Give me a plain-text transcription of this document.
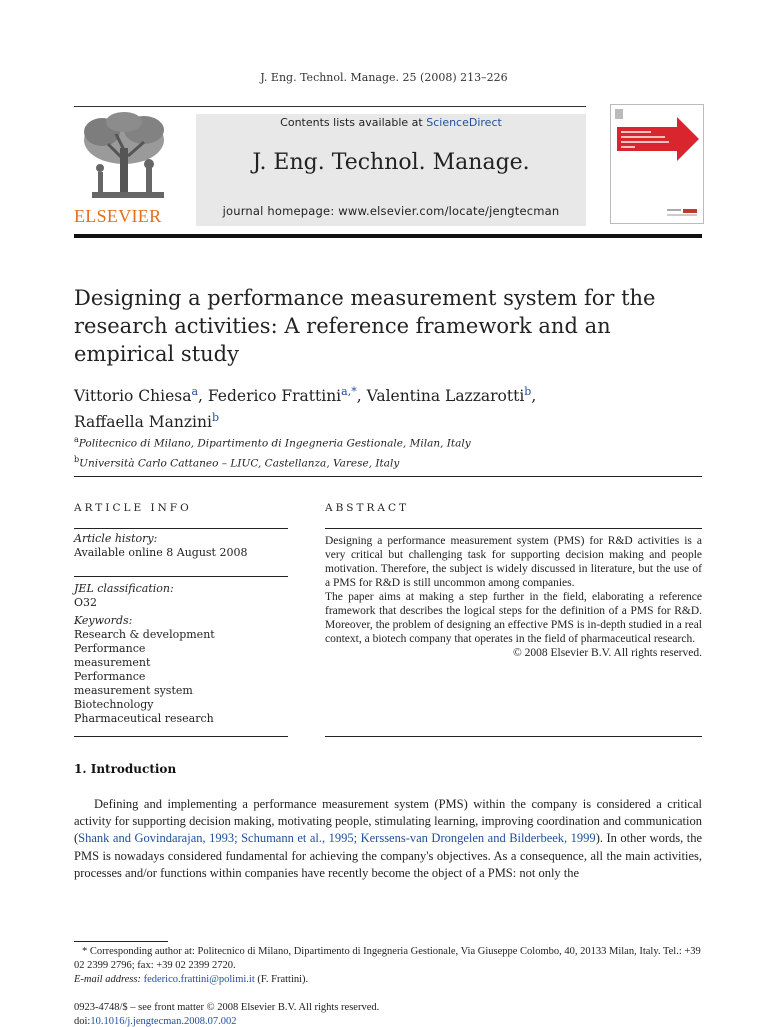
J. Eng. Technol. Manage. 25 (2008) 213–226
ELSEVIER
Contents lists available at ScienceDirect
J. Eng. Technol. Manage.
journal homepage: www.elsevier.com/locate/jengtecman
Designing a performance measurement system for the research activities: A reference framework and an empirical study
Vittorio Chiesa$^a$, Federico Frattini$^{a,*}$, Valentina Lazzarotti$^b$,
Raffaella Manzini$^b$
$^a$Politecnico di Milano, Dipartimento di Ingegneria Gestionale, Milan, Italy
$^b$Università Carlo Cattaneo – LIUC, Castellanza, Varese, Italy
ARTICLE INFO	ABSTRACT
Article history:
Available online 8 August 2008
JEL classification:
O32
Keywords:
Research & development
Performance
measurement
Performance
measurement system
Biotechnology
Pharmaceutical research

Designing a performance measurement system (PMS) for R&D activities is a very critical but challenging task for supporting decision making and people motivation. Therefore, the subject is widely discussed in literature, but the use of a PMS for R&D is still uncommon among companies.

The paper aims at making a step further in the field, elaborating a reference framework that describes the logical steps for the definition of a PMS for R&D. Moreover, the problem of designing an effective PMS is in-depth studied in a real context, a biotech company that operates in the field of pharmaceutical research.

© 2008 Elsevier B.V. All rights reserved.

1. Introduction
Defining and implementing a performance measurement system (PMS) within the company is considered a critical activity for supporting decision making, motivating people, stimulating learning, improving coordination and communication (Shank and Govindarajan, 1993; Schumann et al., 1995; Kerssens-van Drongelen and Bilderbeek, 1999). In other words, the PMS is nowadays considered fundamental for achieving the company's objectives. As a consequence, all the main activities, processes and/or functions within companies have recently become the object of a PMS: not only the
* Corresponding author at: Politecnico di Milano, Dipartimento di Ingegneria Gestionale, Via Giuseppe Colombo, 40, 20133 Milan, Italy. Tel.: +39 02 2399 2796; fax: +39 02 2399 2720.
E-mail address: federico.frattini@polimi.it (F. Frattini).
0923-4748/$ – see front matter © 2008 Elsevier B.V. All rights reserved.
doi:10.1016/j.jengtecman.2008.07.002
